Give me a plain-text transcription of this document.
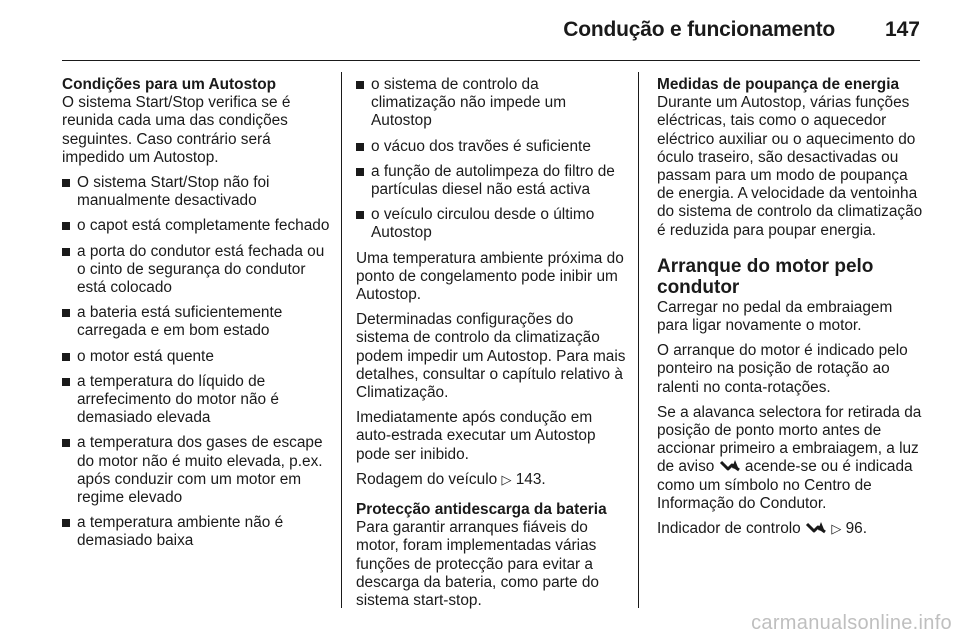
Condução e funcionamento 147
Condições para um Autostop

O sistema Start/Stop verifica se é reunida cada uma das condições seguintes. Caso contrário será impedido um Autostop.

O sistema Start/Stop não foi manualmente desactivado
o capot está completamente fechado
a porta do condutor está fechada ou o cinto de segurança do condutor está colocado
a bateria está suficientemente carregada e em bom estado
o motor está quente
a temperatura do líquido de arrefecimento do motor não é demasiado elevada
a temperatura dos gases de escape do motor não é muito elevada, p.ex. após conduzir com um motor em regime elevado
a temperatura ambiente não é demasiado baixa
o sistema de controlo da climatização não impede um Autostop
o vácuo dos travões é suficiente
a função de autolimpeza do filtro de partículas diesel não está activa
o veículo circulou desde o último Autostop

Uma temperatura ambiente próxima do ponto de congelamento pode inibir um Autostop.

Determinadas configurações do sistema de controlo da climatização podem impedir um Autostop. Para mais detalhes, consultar o capítulo relativo à Climatização.

Imediatamente após condução em auto-estrada executar um Autostop pode ser inibido.

Rodagem do veículo ▷ 143.

Protecção antidescarga da bateria

Para garantir arranques fiáveis do motor, foram implementadas várias funções de protecção para evitar a descarga da bateria, como parte do sistema start-stop.

Medidas de poupança de energia

Durante um Autostop, várias funções eléctricas, tais como o aquecedor eléctrico auxiliar ou o aquecimento do óculo traseiro, são desactivadas ou passam para um modo de poupança de energia. A velocidade da ventoinha do sistema de controlo da climatização é reduzida para poupar energia.

Arranque do motor pelo condutor

Carregar no pedal da embraiagem para ligar novamente o motor.

O arranque do motor é indicado pelo ponteiro na posição de rotação ao ralenti no conta-rotações.

Se a alavanca selectora for retirada da posição de ponto morto antes de accionar primeiro a embraiagem, a luz de aviso acende-se ou é indicada como um símbolo no Centro de Informação do Condutor.

Indicador de controlo ▷ 96.

carmanualsonline.info
